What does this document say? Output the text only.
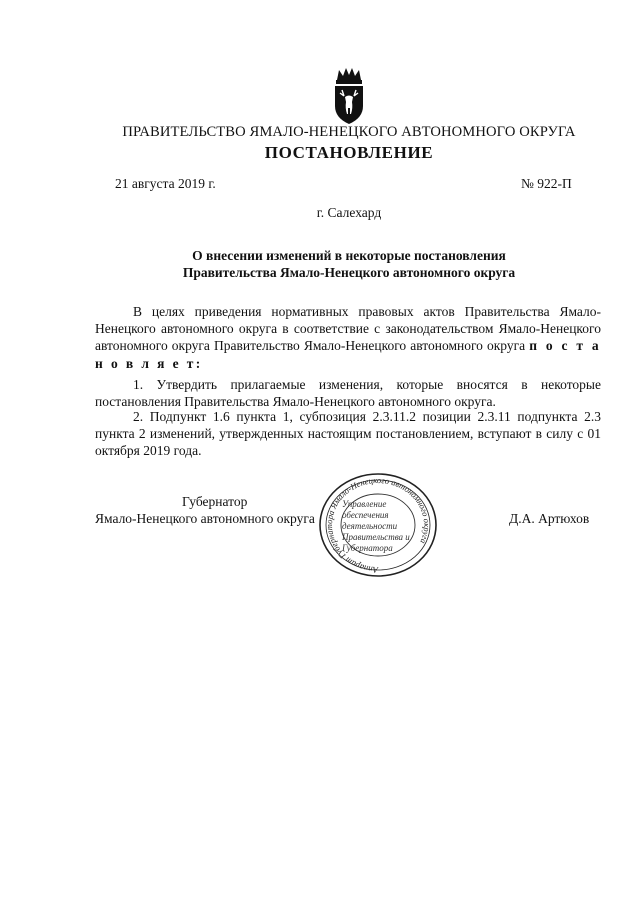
ПРАВИТЕЛЬСТВО ЯМАЛО-НЕНЕЦКОГО АВТОНОМНОГО ОКРУГА
ПОСТАНОВЛЕНИЕ
21 августа 2019 г.	№ 922-П
г. Салехард
О внесении изменений в некоторые постановления
Правительства Ямало-Ненецкого автономного округа
В целях приведения нормативных правовых актов Правительства Ямало-Ненецкого автономного округа в соответствие с законодательством Ямало-Ненецкого автономного округа Правительство Ямало-Ненецкого автономного округа п о с т а н о в л я е т:
1. Утвердить прилагаемые изменения, которые вносятся в некоторые постановления Правительства Ямало-Ненецкого автономного округа.
2. Подпункт 1.6 пункта 1, субпозиция 2.3.11.2 позиции 2.3.11 подпункта 2.3 пункта 2 изменений, утвержденных настоящим постановлением, вступают в силу с 01 октября 2019 года.
Губернатор
Ямало-Ненецкого автономного округа	Д.А. Артюхов
Аппарат Губернатора Ямало-Ненецкого автономного округа
Управление обеспечения деятельности Правительства и Губернатора
